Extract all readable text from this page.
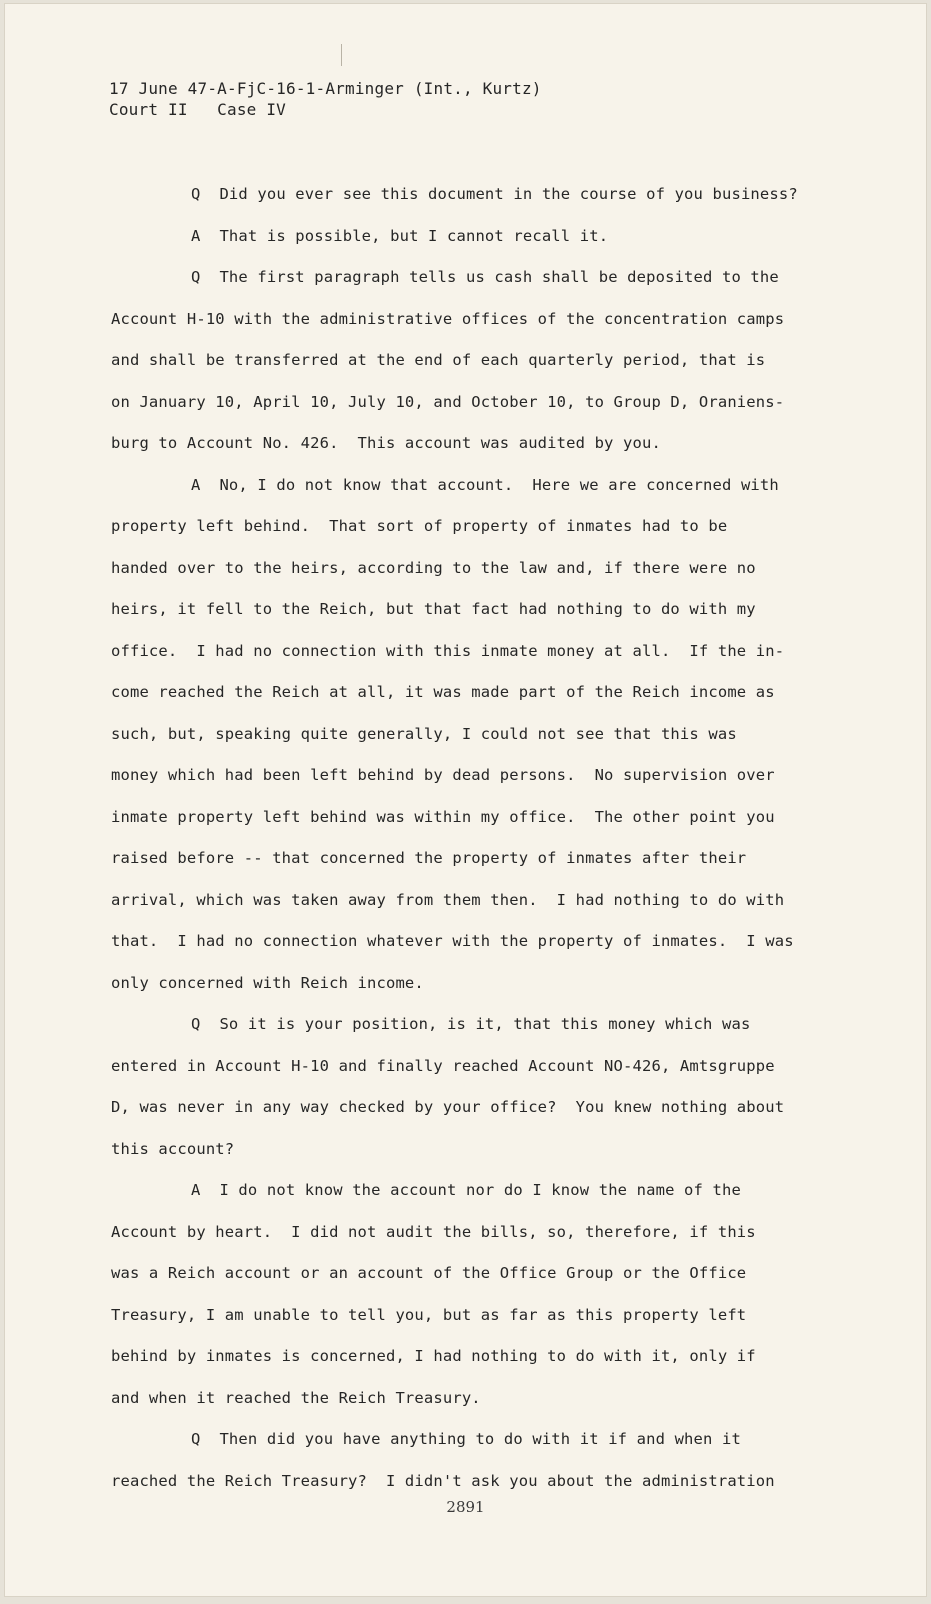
17 June 47-A-FjC-16-1-Arminger (Int., Kurtz)
Court II   Case IV
Q  Did you ever see this document in the course of you business?
A  That is possible, but I cannot recall it.
Q  The first paragraph tells us cash shall be deposited to the
Account H-10 with the administrative offices of the concentration camps
and shall be transferred at the end of each quarterly period, that is
on January 10, April 10, July 10, and October 10, to Group D, Oraniens-
burg to Account No. 426.  This account was audited by you.
A  No, I do not know that account.  Here we are concerned with
property left behind.  That sort of property of inmates had to be
handed over to the heirs, according to the law and, if there were no
heirs, it fell to the Reich, but that fact had nothing to do with my
office.  I had no connection with this inmate money at all.  If the in-
come reached the Reich at all, it was made part of the Reich income as
such, but, speaking quite generally, I could not see that this was
money which had been left behind by dead persons.  No supervision over
inmate property left behind was within my office.  The other point you
raised before -- that concerned the property of inmates after their
arrival, which was taken away from them then.  I had nothing to do with
that.  I had no connection whatever with the property of inmates.  I was
only concerned with Reich income.
Q  So it is your position, is it, that this money which was
entered in Account H-10 and finally reached Account NO-426, Amtsgruppe
D, was never in any way checked by your office?  You knew nothing about
this account?
A  I do not know the account nor do I know the name of the
Account by heart.  I did not audit the bills, so, therefore, if this
was a Reich account or an account of the Office Group or the Office
Treasury, I am unable to tell you, but as far as this property left
behind by inmates is concerned, I had nothing to do with it, only if
and when it reached the Reich Treasury.
Q  Then did you have anything to do with it if and when it
reached the Reich Treasury?  I didn't ask you about the administration
2891
